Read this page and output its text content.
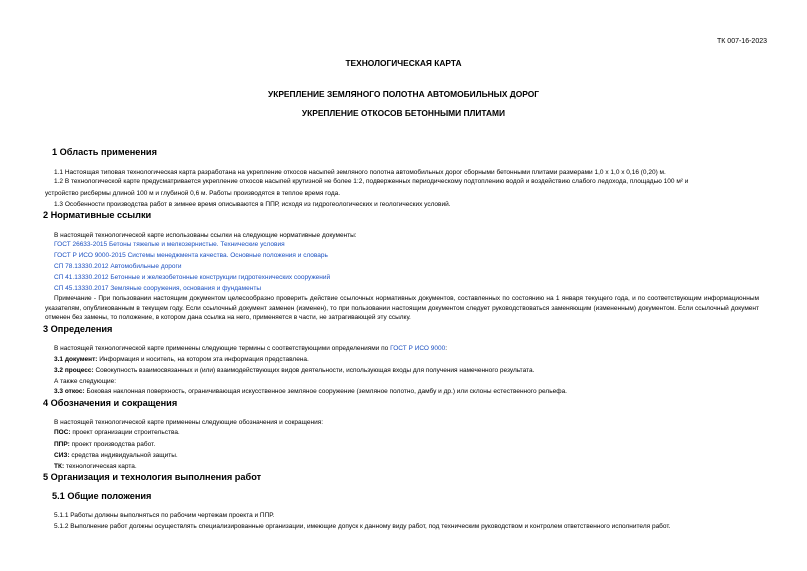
ТК 007-16-2023
ТЕХНОЛОГИЧЕСКАЯ КАРТА
УКРЕПЛЕНИЕ ЗЕМЛЯНОГО ПОЛОТНА АВТОМОБИЛЬНЫХ ДОРОГ
УКРЕПЛЕНИЕ ОТКОСОВ БЕТОННЫМИ ПЛИТАМИ
1 Область применения
1.1 Настоящая типовая технологическая карта разработана на укрепление откосов насыпей земляного полотна автомобильных дорог сборными бетонными плитами размерами 1,0 x 1,0 x 0,16 (0,20) м.
1.2 В технологической карте предусматривается укрепление откосов насыпей крутизной не более 1:2, подверженных периодическому подтоплению водой и воздействию слабого ледохода, площадью 100 м² и
устройство рисбермы длиной 100 м и глубиной 0,6 м. Работы производятся в теплое время года.
1.3 Особенности производства работ в зимнее время описываются в ППР, исходя из гидрогеологических и геологических условий.
2 Нормативные ссылки
В настоящей технологической карте использованы ссылки на следующие нормативные документы:
ГОСТ 26633-2015 Бетоны тяжелые и мелкозернистые. Технические условия
ГОСТ Р ИСО 9000-2015 Системы менеджмента качества. Основные положения и словарь
СП 78.13330.2012 Автомобильные дороги
СП 41.13330.2012 Бетонные и железобетонные конструкции гидротехнических сооружений
СП 45.13330.2017 Земляные сооружения, основания и фундаменты
Примечание - При пользовании настоящим документом целесообразно проверить действие ссылочных нормативных документов, составленных по состоянию на 1 января текущего года, и по соответствующим информационным указателям, опубликованным в текущем году. Если ссылочный документ заменен (изменен), то при пользовании настоящим документом следует руководствоваться заменяющим (измененным) документом. Если ссылочный документ отменен без замены, то положение, в котором дана ссылка на него, применяется в части, не затрагивающей эту ссылку.
3 Определения
В настоящей технологической карте применены следующие термины с соответствующими определениями по ГОСТ Р ИСО 9000:
3.1 документ: Информация и носитель, на котором эта информация представлена.
3.2 процесс: Совокупность взаимосвязанных и (или) взаимодействующих видов деятельности, использующая входы для получения намеченного результата.
А также следующие:
3.3 откос: Боковая наклонная поверхность, ограничивающая искусственное земляное сооружение (земляное полотно, дамбу и др.) или склоны естественного рельефа.
4 Обозначения и сокращения
В настоящей технологической карте применены следующие обозначения и сокращения:
ПОС: проект организации строительства.
ППР: проект производства работ.
СИЗ: средства индивидуальной защиты.
ТК: технологическая карта.
5 Организация и технология выполнения работ
5.1 Общие положения
5.1.1 Работы должны выполняться по рабочим чертежам проекта и ППР.
5.1.2 Выполнение работ должны осуществлять специализированные организации, имеющие допуск к данному виду работ, под техническим руководством и контролем ответственного исполнителя работ.
